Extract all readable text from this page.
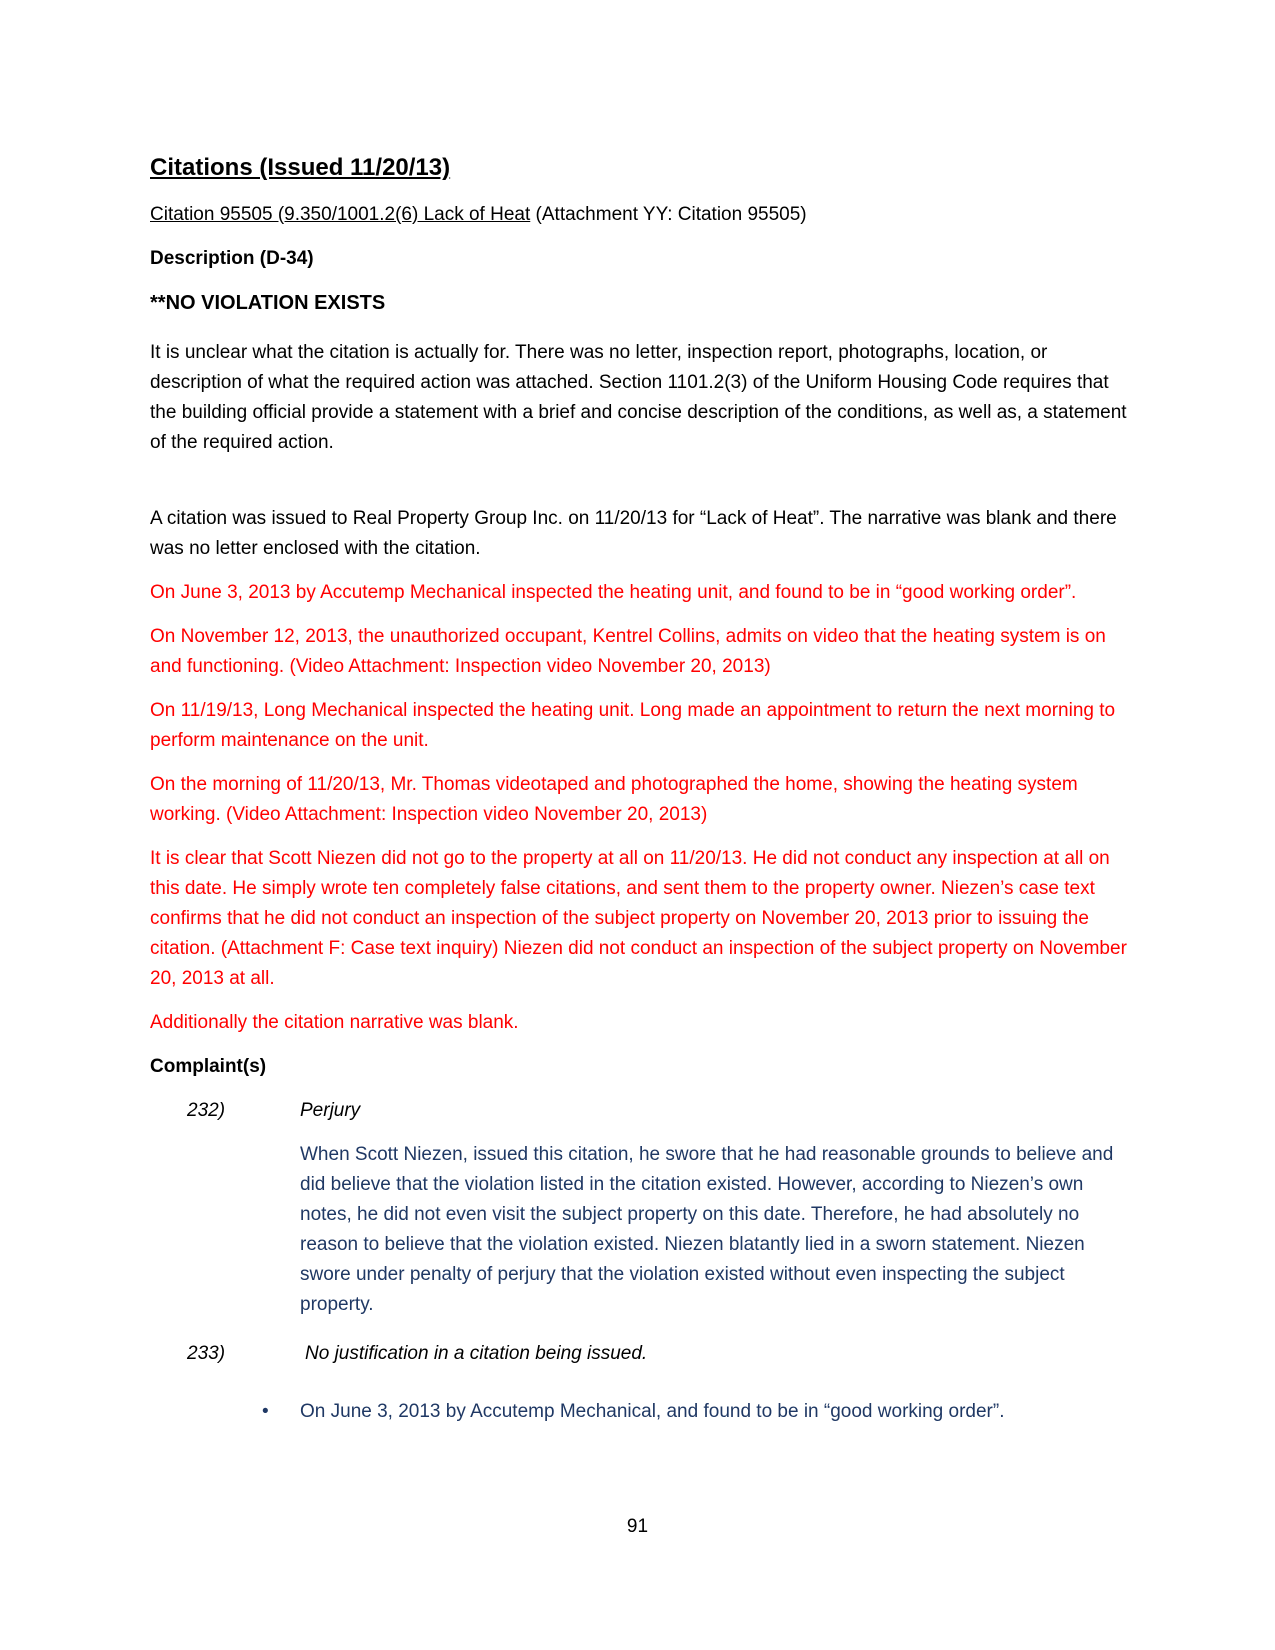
Citations (Issued 11/20/13)

Citation 95505 (9.350/1001.2(6) Lack of Heat (Attachment YY: Citation 95505)

Description (D-34)

**NO VIOLATION EXISTS

It is unclear what the citation is actually for. There was no letter, inspection report, photographs, location, or description of what the required action was attached. Section 1101.2(3) of the Uniform Housing Code requires that the building official provide a statement with a brief and concise description of the conditions, as well as, a statement of the required action.

A citation was issued to Real Property Group Inc. on 11/20/13 for “Lack of Heat”. The narrative was blank and there was no letter enclosed with the citation.

On June 3, 2013 by Accutemp Mechanical inspected the heating unit, and found to be in “good working order”.

On November 12, 2013, the unauthorized occupant, Kentrel Collins, admits on video that the heating system is on and functioning. (Video Attachment: Inspection video November 20, 2013)

On 11/19/13, Long Mechanical inspected the heating unit. Long made an appointment to return the next morning to perform maintenance on the unit.

On the morning of 11/20/13, Mr. Thomas videotaped and photographed the home, showing the heating system working. (Video Attachment: Inspection video November 20, 2013)

It is clear that Scott Niezen did not go to the property at all on 11/20/13. He did not conduct any inspection at all on this date. He simply wrote ten completely false citations, and sent them to the property owner. Niezen’s case text confirms that he did not conduct an inspection of the subject property on November 20, 2013 prior to issuing the citation. (Attachment F: Case text inquiry) Niezen did not conduct an inspection of the subject property on November 20, 2013 at all.

Additionally the citation narrative was blank.

Complaint(s)

232)	Perjury

When Scott Niezen, issued this citation, he swore that he had reasonable grounds to believe and did believe that the violation listed in the citation existed. However, according to Niezen’s own notes, he did not even visit the subject property on this date. Therefore, he had absolutely no reason to believe that the violation existed. Niezen blatantly lied in a sworn statement. Niezen swore under penalty of perjury that the violation existed without even inspecting the subject property.

233)	No justification in a citation being issued.
• On June 3, 2013 by Accutemp Mechanical, and found to be in “good working order”.
91
